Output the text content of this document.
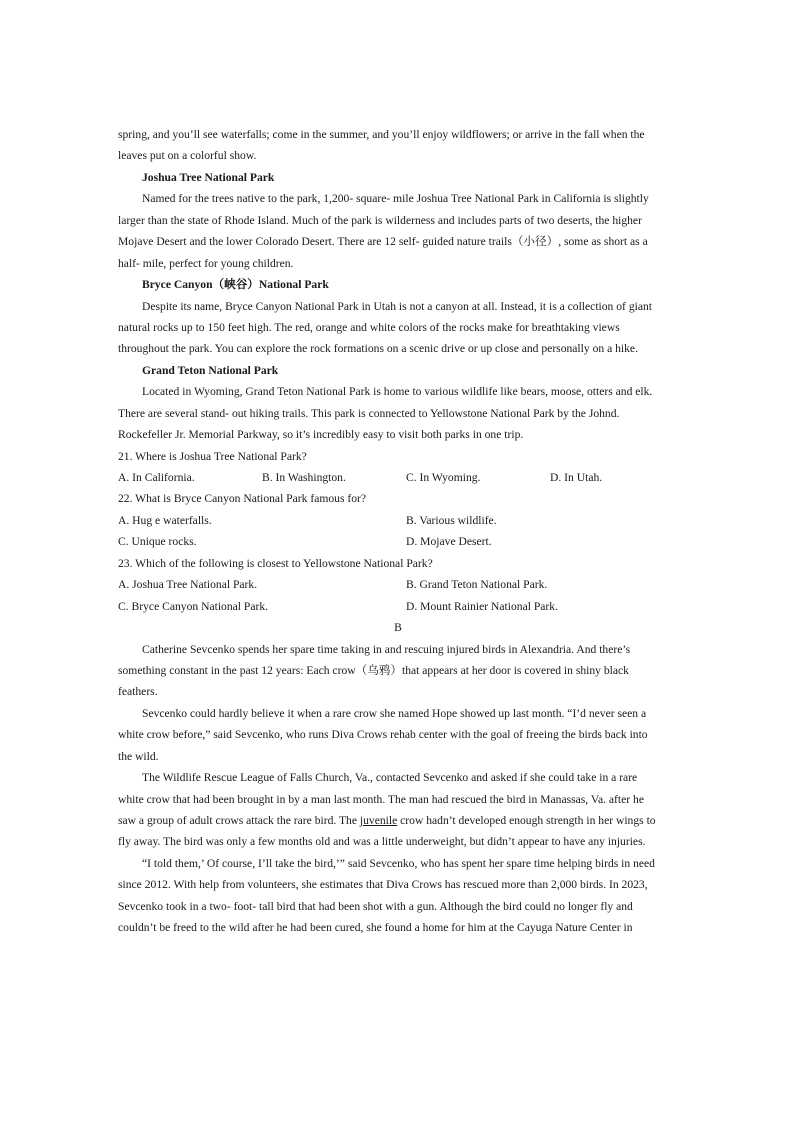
spring, and you’ll see waterfalls; come in the summer, and you’ll enjoy wildflowers; or arrive in the fall when the
leaves put on a colorful show.
Joshua Tree National Park
Named for the trees native to the park, 1,200- square- mile Joshua Tree National Park in California is slightly
larger than the state of Rhode Island. Much of the park is wilderness and includes parts of two deserts, the higher
Mojave Desert and the lower Colorado Desert. There are 12 self- guided nature trails（小径）, some as short as a
half- mile, perfect for young children.
Bryce Canyon（峡谷）National Park
Despite its name, Bryce Canyon National Park in Utah is not a canyon at all. Instead, it is a collection of giant
natural rocks up to 150 feet high. The red, orange and white colors of the rocks make for breathtaking views
throughout the park. You can explore the rock formations on a scenic drive or up close and personally on a hike.
Grand Teton National Park
Located in Wyoming, Grand Teton National Park is home to various wildlife like bears, moose, otters and elk.
There are several stand- out hiking trails. This park is connected to Yellowstone National Park by the Johnd.
Rockefeller Jr. Memorial Parkway, so it’s incredibly easy to visit both parks in one trip.
21. Where is Joshua Tree National Park?
A. In California.	B. In Washington.	C. In Wyoming.	D. In Utah.
22. What is Bryce Canyon National Park famous for?
A. Hug e waterfalls.	B. Various wildlife.
C. Unique rocks.	D. Mojave Desert.
23. Which of the following is closest to Yellowstone National Park?
A. Joshua Tree National Park.	B. Grand Teton National Park.
C. Bryce Canyon National Park.	D. Mount Rainier National Park.
B
Catherine Sevcenko spends her spare time taking in and rescuing injured birds in Alexandria. And there’s
something constant in the past 12 years: Each crow（乌鸦）that appears at her door is covered in shiny black
feathers.
Sevcenko could hardly believe it when a rare crow she named Hope showed up last month. “I’d never seen a
white crow before,” said Sevcenko, who runs Diva Crows rehab center with the goal of freeing the birds back into
the wild.
The Wildlife Rescue League of Falls Church, Va., contacted Sevcenko and asked if she could take in a rare
white crow that had been brought in by a man last month. The man had rescued the bird in Manassas, Va. after he
saw a group of adult crows attack the rare bird. The juvenile crow hadn’t developed enough strength in her wings to
fly away. The bird was only a few months old and was a little underweight, but didn’t appear to have any injuries.
“I told them,’ Of course, I’ll take the bird,’” said Sevcenko, who has spent her spare time helping birds in need
since 2012. With help from volunteers, she estimates that Diva Crows has rescued more than 2,000 birds. In 2023,
Sevcenko took in a two- foot- tall bird that had been shot with a gun. Although the bird could no longer fly and
couldn’t be freed to the wild after he had been cured, she found a home for him at the Cayuga Nature Center in
